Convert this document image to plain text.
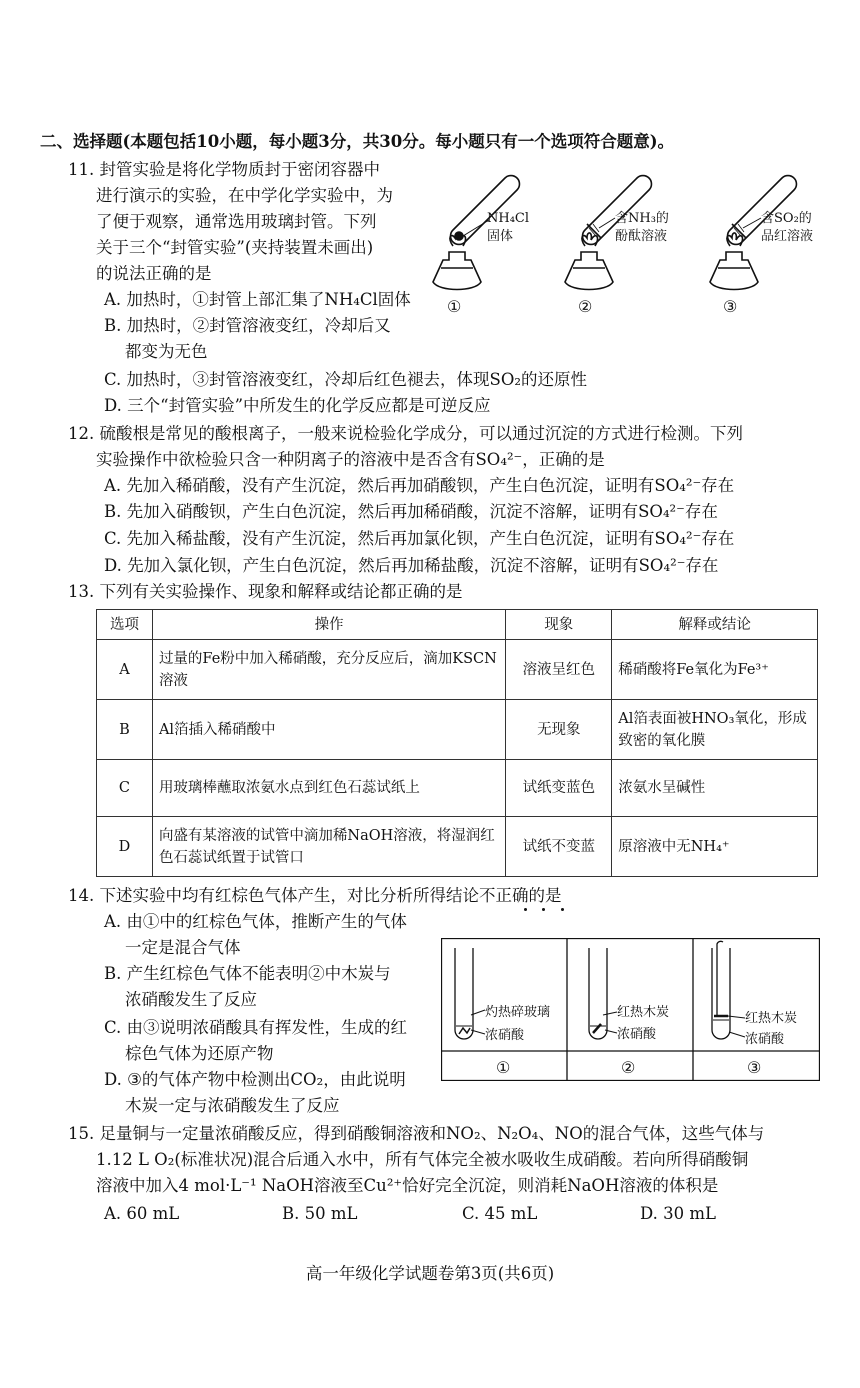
二、选择题(本题包括10小题，每小题3分，共30分。每小题只有一个选项符合题意)。
11. 封管实验是将化学物质封于密闭容器中
进行演示的实验，在中学化学实验中，为
了便于观察，通常选用玻璃封管。下列
关于三个“封管实验”(夹持装置未画出)
的说法正确的是
A. 加热时，①封管上部汇集了NH₄Cl固体
B. 加热时，②封管溶液变红，冷却后又
都变为无色
C. 加热时，③封管溶液变红，冷却后红色褪去，体现SO₂的还原性
D. 三个“封管实验”中所发生的化学反应都是可逆反应
NH₄Cl
固体
含NH₃的
酚酞溶液
含SO₂的
品红溶液
①	②	③
12. 硫酸根是常见的酸根离子，一般来说检验化学成分，可以通过沉淀的方式进行检测。下列
实验操作中欲检验只含一种阴离子的溶液中是否含有SO₄²⁻，正确的是
A. 先加入稀硝酸，没有产生沉淀，然后再加硝酸钡，产生白色沉淀，证明有SO₄²⁻存在
B. 先加入硝酸钡，产生白色沉淀，然后再加稀硝酸，沉淀不溶解，证明有SO₄²⁻存在
C. 先加入稀盐酸，没有产生沉淀，然后再加氯化钡，产生白色沉淀，证明有SO₄²⁻存在
D. 先加入氯化钡，产生白色沉淀，然后再加稀盐酸，沉淀不溶解，证明有SO₄²⁻存在
13. 下列有关实验操作、现象和解释或结论都正确的是
选项	操作	现象	解释或结论
A	过量的Fe粉中加入稀硝酸，充分反应后，滴加KSCN溶液	溶液呈红色	稀硝酸将Fe氧化为Fe³⁺
B	Al箔插入稀硝酸中	无现象	Al箔表面被HNO₃氧化，形成致密的氧化膜
C	用玻璃棒蘸取浓氨水点到红色石蕊试纸上	试纸变蓝色	浓氨水呈碱性
D	向盛有某溶液的试管中滴加稀NaOH溶液，将湿润红色石蕊试纸置于试管口	试纸不变蓝	原溶液中无NH₄⁺
14. 下述实验中均有红棕色气体产生，对比分析所得结论不正确的是
A. 由①中的红棕色气体，推断产生的气体
一定是混合气体
B. 产生红棕色气体不能表明②中木炭与
浓硝酸发生了反应
C. 由③说明浓硝酸具有挥发性，生成的红
棕色气体为还原产物
D. ③的气体产物中检测出CO₂，由此说明
木炭一定与浓硝酸发生了反应
灼热碎玻璃
浓硝酸
红热木炭
浓硝酸
红热木炭
浓硝酸
①	②	③
15. 足量铜与一定量浓硝酸反应，得到硝酸铜溶液和NO₂、N₂O₄、NO的混合气体，这些气体与
1.12 L O₂(标准状况)混合后通入水中，所有气体完全被水吸收生成硝酸。若向所得硝酸铜
溶液中加入4 mol·L⁻¹ NaOH溶液至Cu²⁺恰好完全沉淀，则消耗NaOH溶液的体积是
A. 60 mL	B. 50 mL	C. 45 mL	D. 30 mL
高一年级化学试题卷第3页(共6页)
